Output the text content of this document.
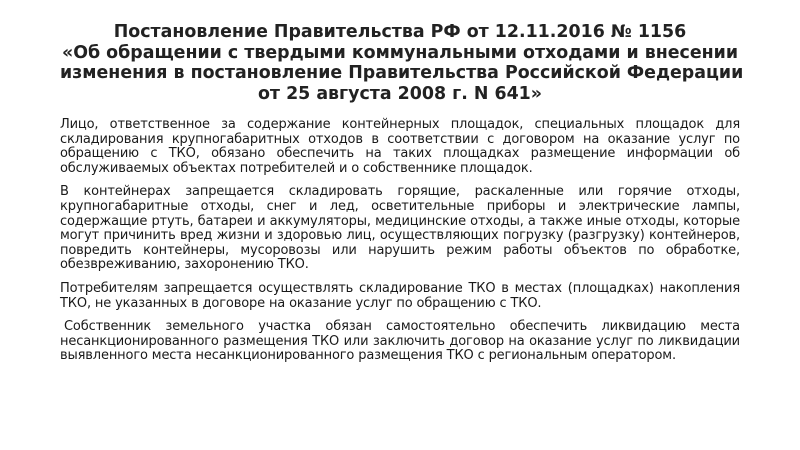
Постановление Правительства РФ от 12.11.2016 № 1156
«Об обращении с твердыми коммунальными отходами и внесении
изменения в постановление Правительства Российской Федерации
от 25 августа 2008 г. N 641»

Лицо, ответственное за содержание контейнерных площадок, специальных площадок для складирования крупногабаритных отходов в соответствии с договором на оказание услуг по обращению с ТКО, обязано обеспечить на таких площадках размещение информации об обслуживаемых объектах потребителей и о собственнике площадок.

В контейнерах запрещается складировать горящие, раскаленные или горячие отходы, крупногабаритные отходы, снег и лед, осветительные приборы и электрические лампы, содержащие ртуть, батареи и аккумуляторы, медицинские отходы, а также иные отходы, которые могут причинить вред жизни и здоровью лиц, осуществляющих погрузку (разгрузку) контейнеров, повредить контейнеры, мусоровозы или нарушить режим работы объектов по обработке, обезвреживанию, захоронению ТКО.

Потребителям запрещается осуществлять складирование ТКО в местах (площадках) накопления ТКО, не указанных в договоре на оказание услуг по обращению с ТКО.

Собственник земельного участка обязан самостоятельно обеспечить ликвидацию места несанкционированного размещения ТКО или заключить договор на оказание услуг по ликвидации выявленного места несанкционированного размещения ТКО с региональным оператором.
